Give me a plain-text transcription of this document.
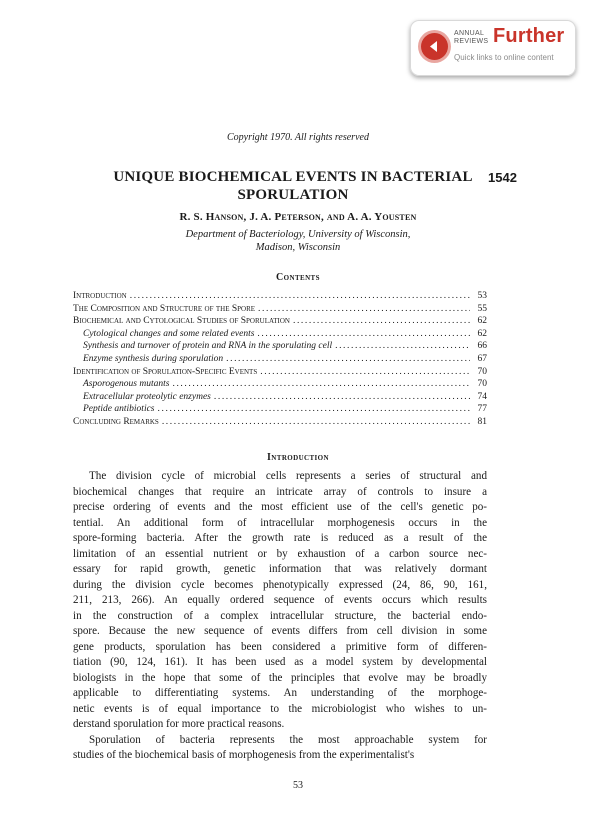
ANNUAL
REVIEWS Further
Quick links to online content
Copyright 1970. All rights reserved
UNIQUE BIOCHEMICAL EVENTS IN BACTERIAL
SPORULATION
1542
R. S. Hanson, J. A. Peterson, and A. A. Yousten
Department of Bacteriology, University of Wisconsin,
Madison, Wisconsin
Contents
Introduction .....	53
The Composition and Structure of the Spore .....	55
Biochemical and Cytological Studies of Sporulation .....	62
Cytological changes and some related events .....	62
Synthesis and turnover of protein and RNA in the sporulating cell .....	66
Enzyme synthesis during sporulation .....	67
Identification of Sporulation-Specific Events .....	70
Asporogenous mutants .....	70
Extracellular proteolytic enzymes .....	74
Peptide antibiotics .....	77
Concluding Remarks .....	81
Introduction
The division cycle of microbial cells represents a series of structural and
biochemical changes that require an intricate array of controls to insure a
precise ordering of events and the most efficient use of the cell's genetic po-
tential. An additional form of intracellular morphogenesis occurs in the
spore-forming bacteria. After the growth rate is reduced as a result of the
limitation of an essential nutrient or by exhaustion of a carbon source nec-
essary for rapid growth, genetic information that was relatively dormant
during the division cycle becomes phenotypically expressed (24, 86, 90, 161,
211, 213, 266). An equally ordered sequence of events occurs which results
in the construction of a complex intracellular structure, the bacterial endo-
spore. Because the new sequence of events differs from cell division in some
gene products, sporulation has been considered a primitive form of differen-
tiation (90, 124, 161). It has been used as a model system by developmental
biologists in the hope that some of the principles that evolve may be broadly
applicable to differentiating systems. An understanding of the morphoge-
netic events is of equal importance to the microbiologist who wishes to un-
derstand sporulation for more practical reasons.
Sporulation of bacteria represents the most approachable system for
studies of the biochemical basis of morphogenesis from the experimentalist's
53
